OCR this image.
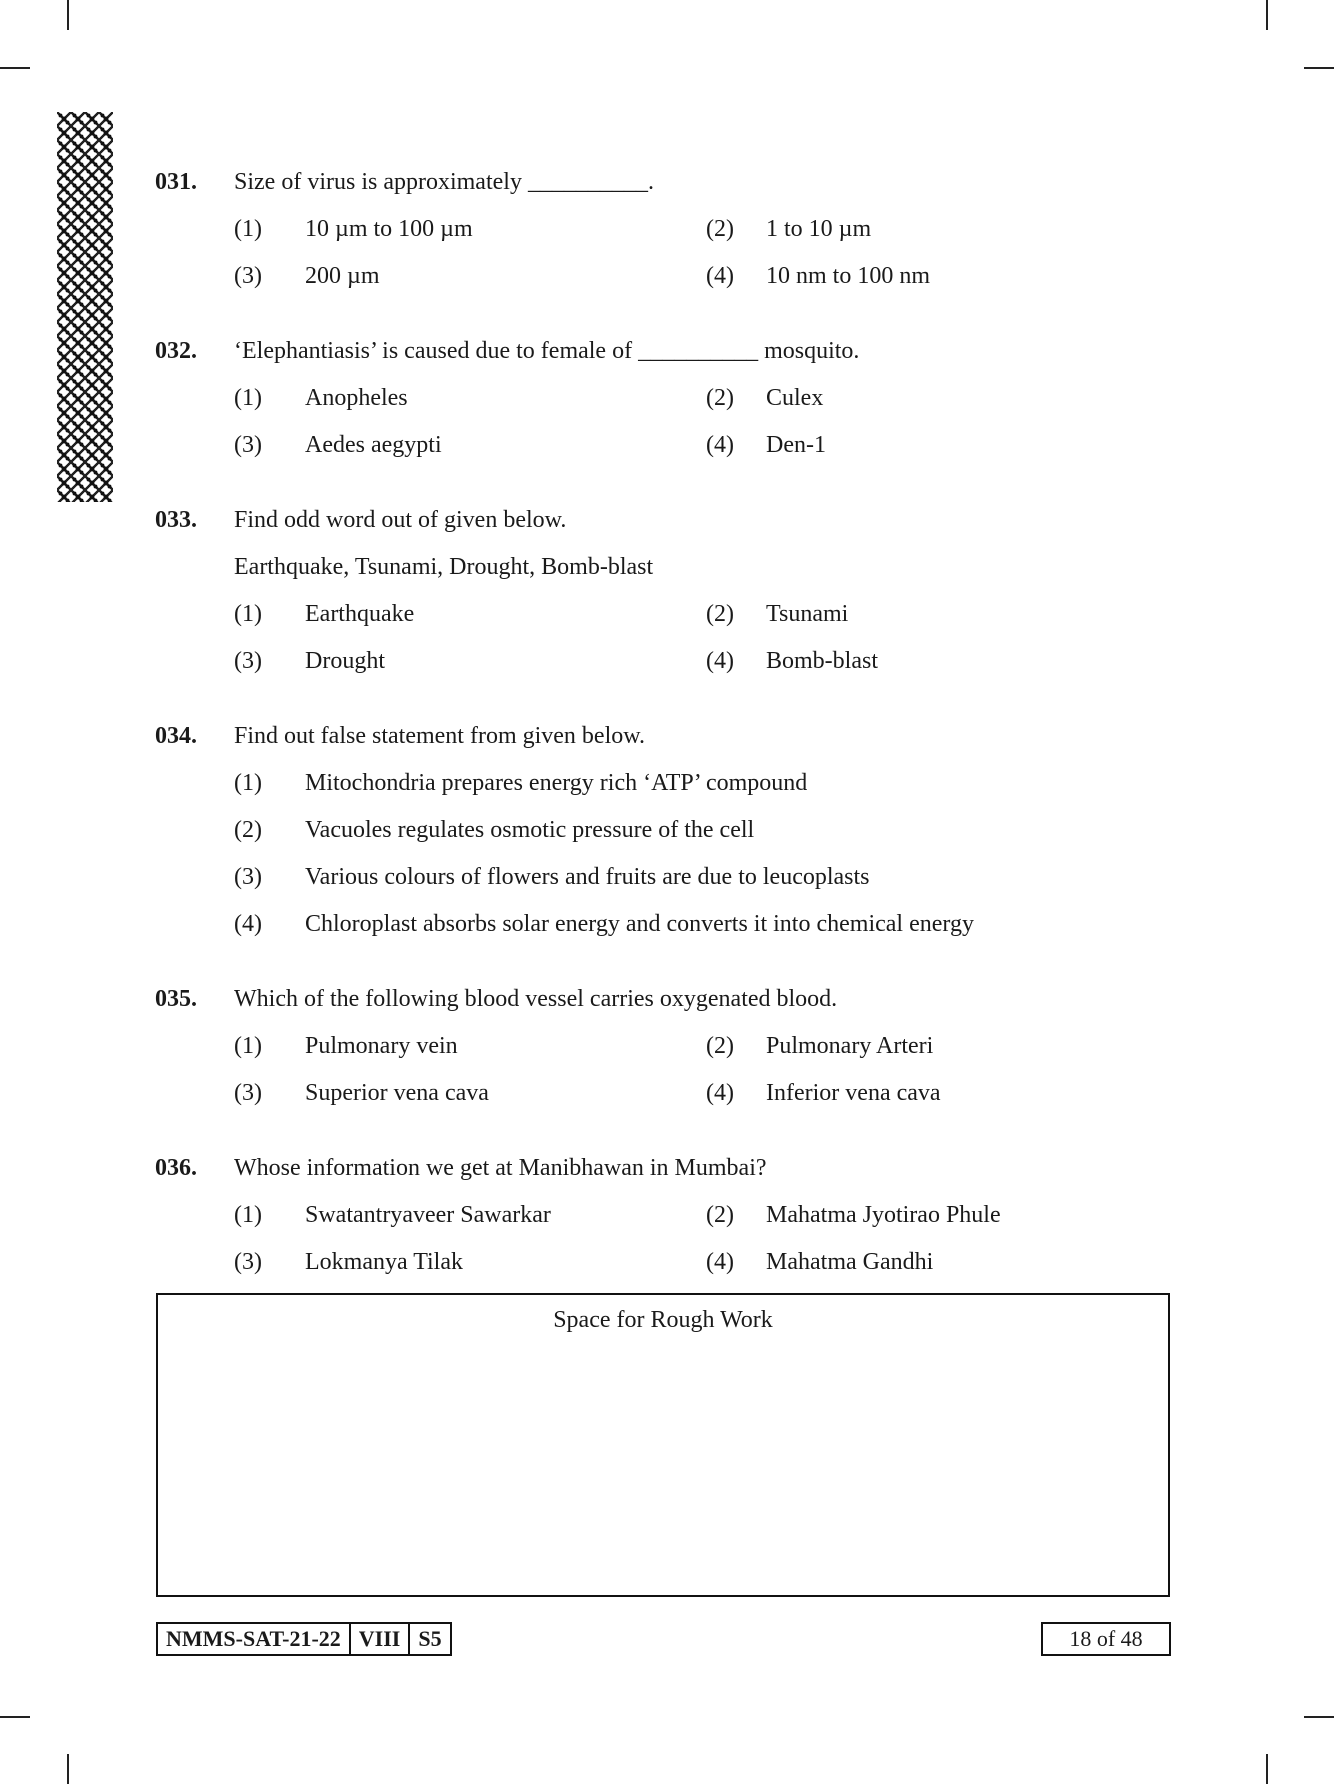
031. Size of virus is approximately __________.
(1) 10 µm to 100 µm	(2) 1 to 10 µm
(3) 200 µm	(4) 10 nm to 100 nm
032. ‘Elephantiasis’ is caused due to female of __________ mosquito.
(1) Anopheles	(2) Culex
(3) Aedes aegypti	(4) Den-1
033. Find odd word out of given below.
Earthquake, Tsunami, Drought, Bomb-blast
(1) Earthquake	(2) Tsunami
(3) Drought	(4) Bomb-blast
034. Find out false statement from given below.
(1) Mitochondria prepares energy rich ‘ATP’ compound
(2) Vacuoles regulates osmotic pressure of the cell
(3) Various colours of flowers and fruits are due to leucoplasts
(4) Chloroplast absorbs solar energy and converts it into chemical energy
035. Which of the following blood vessel carries oxygenated blood.
(1) Pulmonary vein	(2) Pulmonary Arteri
(3) Superior vena cava	(4) Inferior vena cava
036. Whose information we get at Manibhawan in Mumbai?
(1) Swatantryaveer Sawarkar	(2) Mahatma Jyotirao Phule
(3) Lokmanya Tilak	(4) Mahatma Gandhi
Space for Rough Work
NMMS-SAT-21-22 VIII S5	18 of 48
